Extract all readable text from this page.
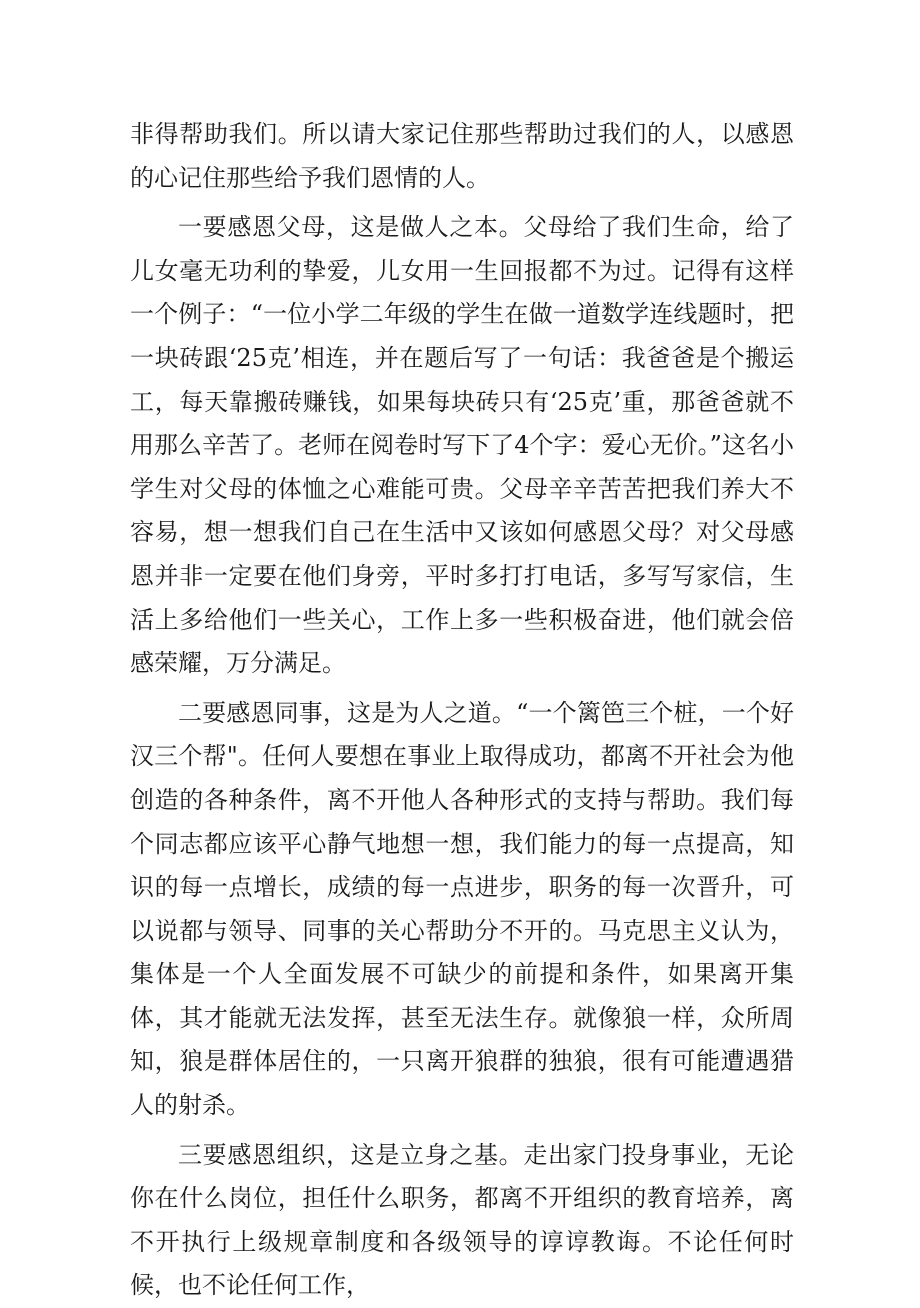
非得帮助我们。所以请大家记住那些帮助过我们的人，以感恩的心记住那些给予我们恩情的人。

一要感恩父母，这是做人之本。父母给了我们生命，给了儿女毫无功利的挚爱，儿女用一生回报都不为过。记得有这样一个例子：“一位小学二年级的学生在做一道数学连线题时，把一块砖跟‘25克’相连，并在题后写了一句话：我爸爸是个搬运工，每天靠搬砖赚钱，如果每块砖只有‘25克’重，那爸爸就不用那么辛苦了。老师在阅卷时写下了4个字：爱心无价。”这名小学生对父母的体恤之心难能可贵。父母辛辛苦苦把我们养大不容易，想一想我们自己在生活中又该如何感恩父母？对父母感恩并非一定要在他们身旁，平时多打打电话，多写写家信，生活上多给他们一些关心，工作上多一些积极奋进，他们就会倍感荣耀，万分满足。

二要感恩同事，这是为人之道。“一个篱笆三个桩，一个好汉三个帮"。任何人要想在事业上取得成功，都离不开社会为他创造的各种条件，离不开他人各种形式的支持与帮助。我们每个同志都应该平心静气地想一想，我们能力的每一点提高，知识的每一点增长，成绩的每一点进步，职务的每一次晋升，可以说都与领导、同事的关心帮助分不开的。马克思主义认为，集体是一个人全面发展不可缺少的前提和条件，如果离开集体，其才能就无法发挥，甚至无法生存。就像狼一样，众所周知，狼是群体居住的，一只离开狼群的独狼，很有可能遭遇猎人的射杀。

三要感恩组织，这是立身之基。走出家门投身事业，无论你在什么岗位，担任什么职务，都离不开组织的教育培养，离不开执行上级规章制度和各级领导的谆谆教诲。不论任何时候，也不论任何工作，
